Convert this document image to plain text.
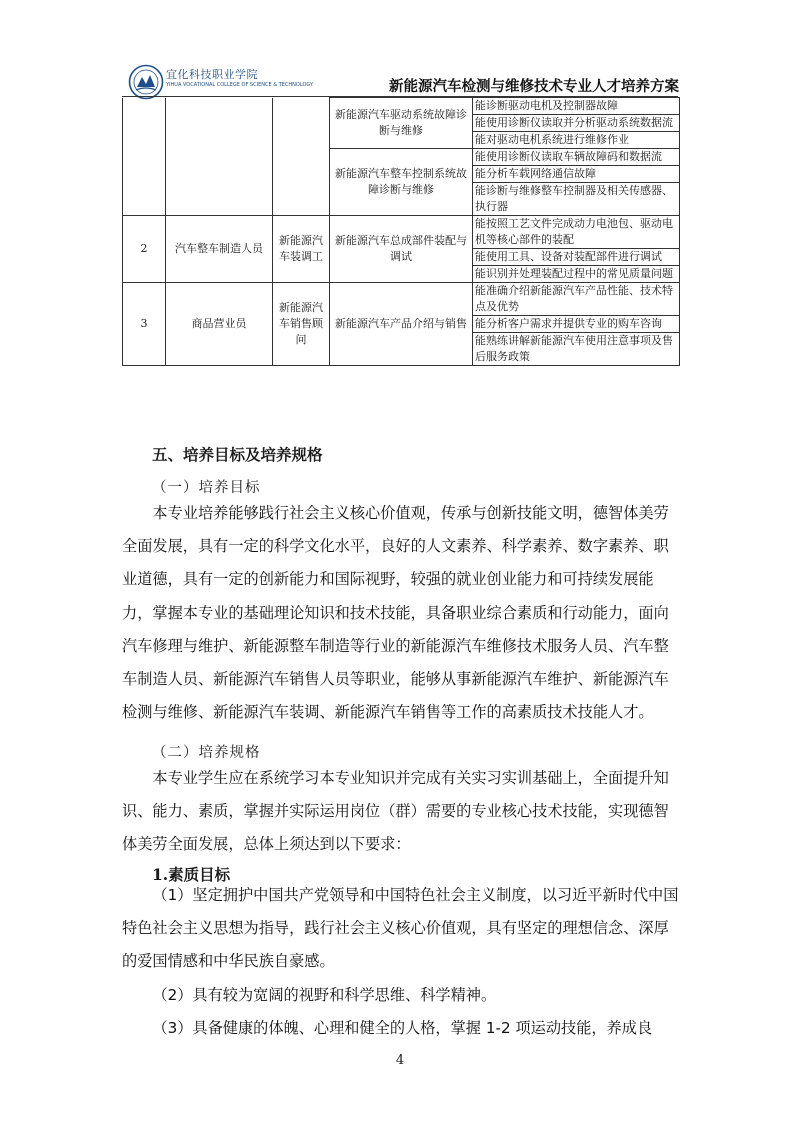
宜化科技职业学院
YIHUA VOCATIONAL COLLEGE OF SCIENCE & TECHNOLOGY	新能源汽车检测与维修技术专业人才培养方案
			新能源汽车驱动系统故障诊断与维修	能诊断驱动电机及控制器故障
				能使用诊断仪读取并分析驱动系统数据流
				能对驱动电机系统进行维修作业
			新能源汽车整车控制系统故障诊断与维修	能使用诊断仪读取车辆故障码和数据流
				能分析车载网络通信故障
				能诊断与维修整车控制器及相关传感器、执行器
2	汽车整车制造人员	新能源汽车装调工	新能源汽车总成部件装配与调试	能按照工艺文件完成动力电池包、驱动电机等核心部件的装配
				能使用工具、设备对装配部件进行调试
				能识别并处理装配过程中的常见质量问题
3	商品营业员	新能源汽车销售顾问	新能源汽车产品介绍与销售	能准确介绍新能源汽车产品性能、技术特点及优势
				能分析客户需求并提供专业的购车咨询
				能熟练讲解新能源汽车使用注意事项及售后服务政策
五、培养目标及培养规格
（一）培养目标

本专业培养能够践行社会主义核心价值观，传承与创新技能文明，德智体美劳全面发展，具有一定的科学文化水平，良好的人文素养、科学素养、数字素养、职业道德，具有一定的创新能力和国际视野，较强的就业创业能力和可持续发展能力，掌握本专业的基础理论知识和技术技能，具备职业综合素质和行动能力，面向汽车修理与维护、新能源整车制造等行业的新能源汽车维修技术服务人员、汽车整车制造人员、新能源汽车销售人员等职业，能够从事新能源汽车维护、新能源汽车检测与维修、新能源汽车装调、新能源汽车销售等工作的高素质技术技能人才。

（二）培养规格

本专业学生应在系统学习本专业知识并完成有关实习实训基础上，全面提升知识、能力、素质，掌握并实际运用岗位（群）需要的专业核心技术技能，实现德智体美劳全面发展，总体上须达到以下要求：

1.素质目标

（1）坚定拥护中国共产党领导和中国特色社会主义制度，以习近平新时代中国特色社会主义思想为指导，践行社会主义核心价值观，具有坚定的理想信念、深厚的爱国情感和中华民族自豪感。

（2）具有较为宽阔的视野和科学思维、科学精神。

（3）具备健康的体魄、心理和健全的人格，掌握 1-2 项运动技能，养成良

4
